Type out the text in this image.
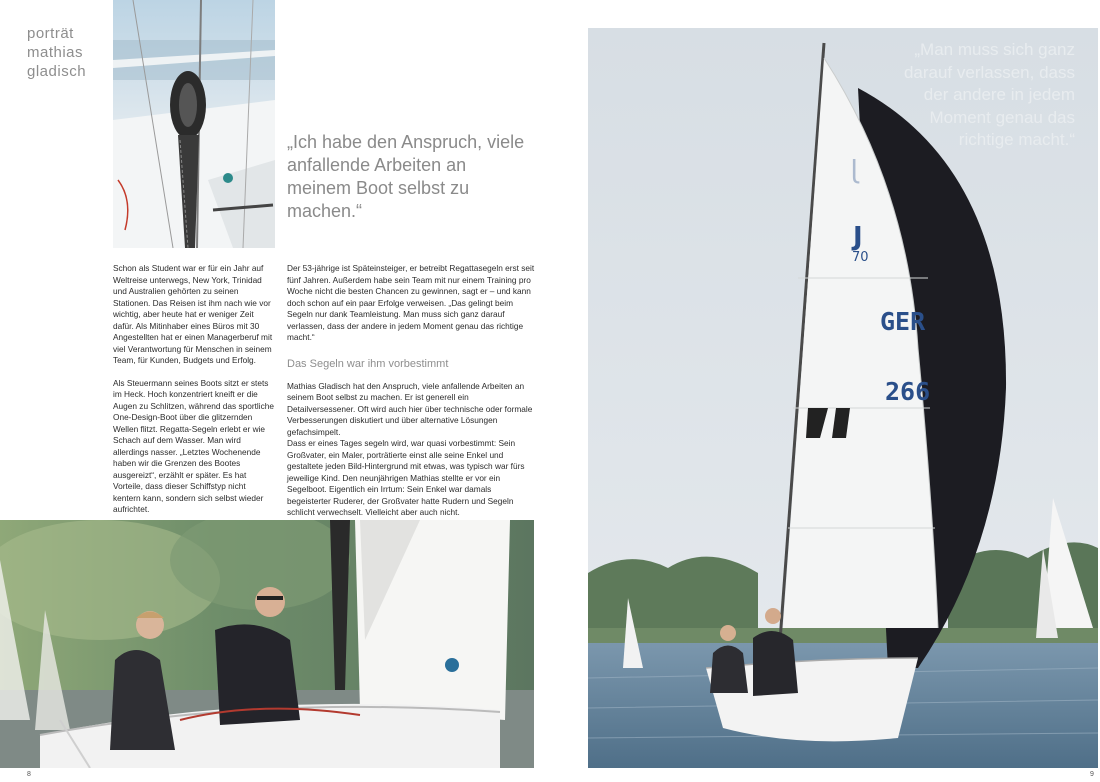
porträt
mathias
gladisch
„Ich habe den Anspruch, viele anfallende Arbeiten an meinem Boot selbst zu machen.“

Schon als Student war er für ein Jahr auf Weltreise unterwegs, New York, Trinidad und Australien gehörten zu seinen Stationen. Das Reisen ist ihm nach wie vor wichtig, aber heute hat er weniger Zeit dafür. Als Mitinhaber eines Büros mit 30 Angestellten hat er einen Managerberuf mit viel Verantwortung für Menschen in seinem Team, für Kunden, Budgets und Erfolg.

Als Steuermann seines Boots sitzt er stets im Heck. Hoch konzentriert kneift er die Augen zu Schlitzen, während das sportliche One-Design-Boot über die glitzernden Wellen flitzt. Regatta-Segeln erlebt er wie Schach auf dem Wasser. Man wird allerdings nasser. „Letztes Wochenende haben wir die Grenzen des Bootes ausgereizt“, erzählt er später. Es hat Vorteile, dass dieser Schiffstyp nicht kentern kann, sondern sich selbst wieder aufrichtet.

Der 53-jährige ist Späteinsteiger, er betreibt Regattasegeln erst seit fünf Jahren. Außerdem habe sein Team mit nur einem Training pro Woche nicht die besten Chancen zu gewinnen, sagt er – und kann doch schon auf ein paar Erfolge verweisen. „Das gelingt beim Segeln nur dank Teamleistung. Man muss sich ganz darauf verlassen, dass der andere in jedem Moment genau das richtige macht.“

Das Segeln war ihm vorbestimmt

Mathias Gladisch hat den Anspruch, viele anfallende Arbeiten an seinem Boot selbst zu machen. Er ist generell ein Detailversessener. Oft wird auch hier über technische oder formale Verbesserungen diskutiert und über alternative Lösungen gefachsimpelt.

Dass er eines Tages segeln wird, war quasi vorbestimmt: Sein Großvater, ein Maler, porträtierte einst alle seine Enkel und gestaltete jeden Bild-Hintergrund mit etwas, was typisch war fürs jeweilige Kind. Den neunjährigen Mathias stellte er vor ein Segelboot. Eigentlich ein Irrtum: Sein Enkel war damals begeisterter Ruderer, der Großvater hatte Rudern und Segeln schlicht verwechselt. Vielleicht aber auch nicht.

J
J
70
GER
266
„Man muss sich ganz darauf verlassen, dass der andere in jedem Moment genau das richtige macht.“
8	9
